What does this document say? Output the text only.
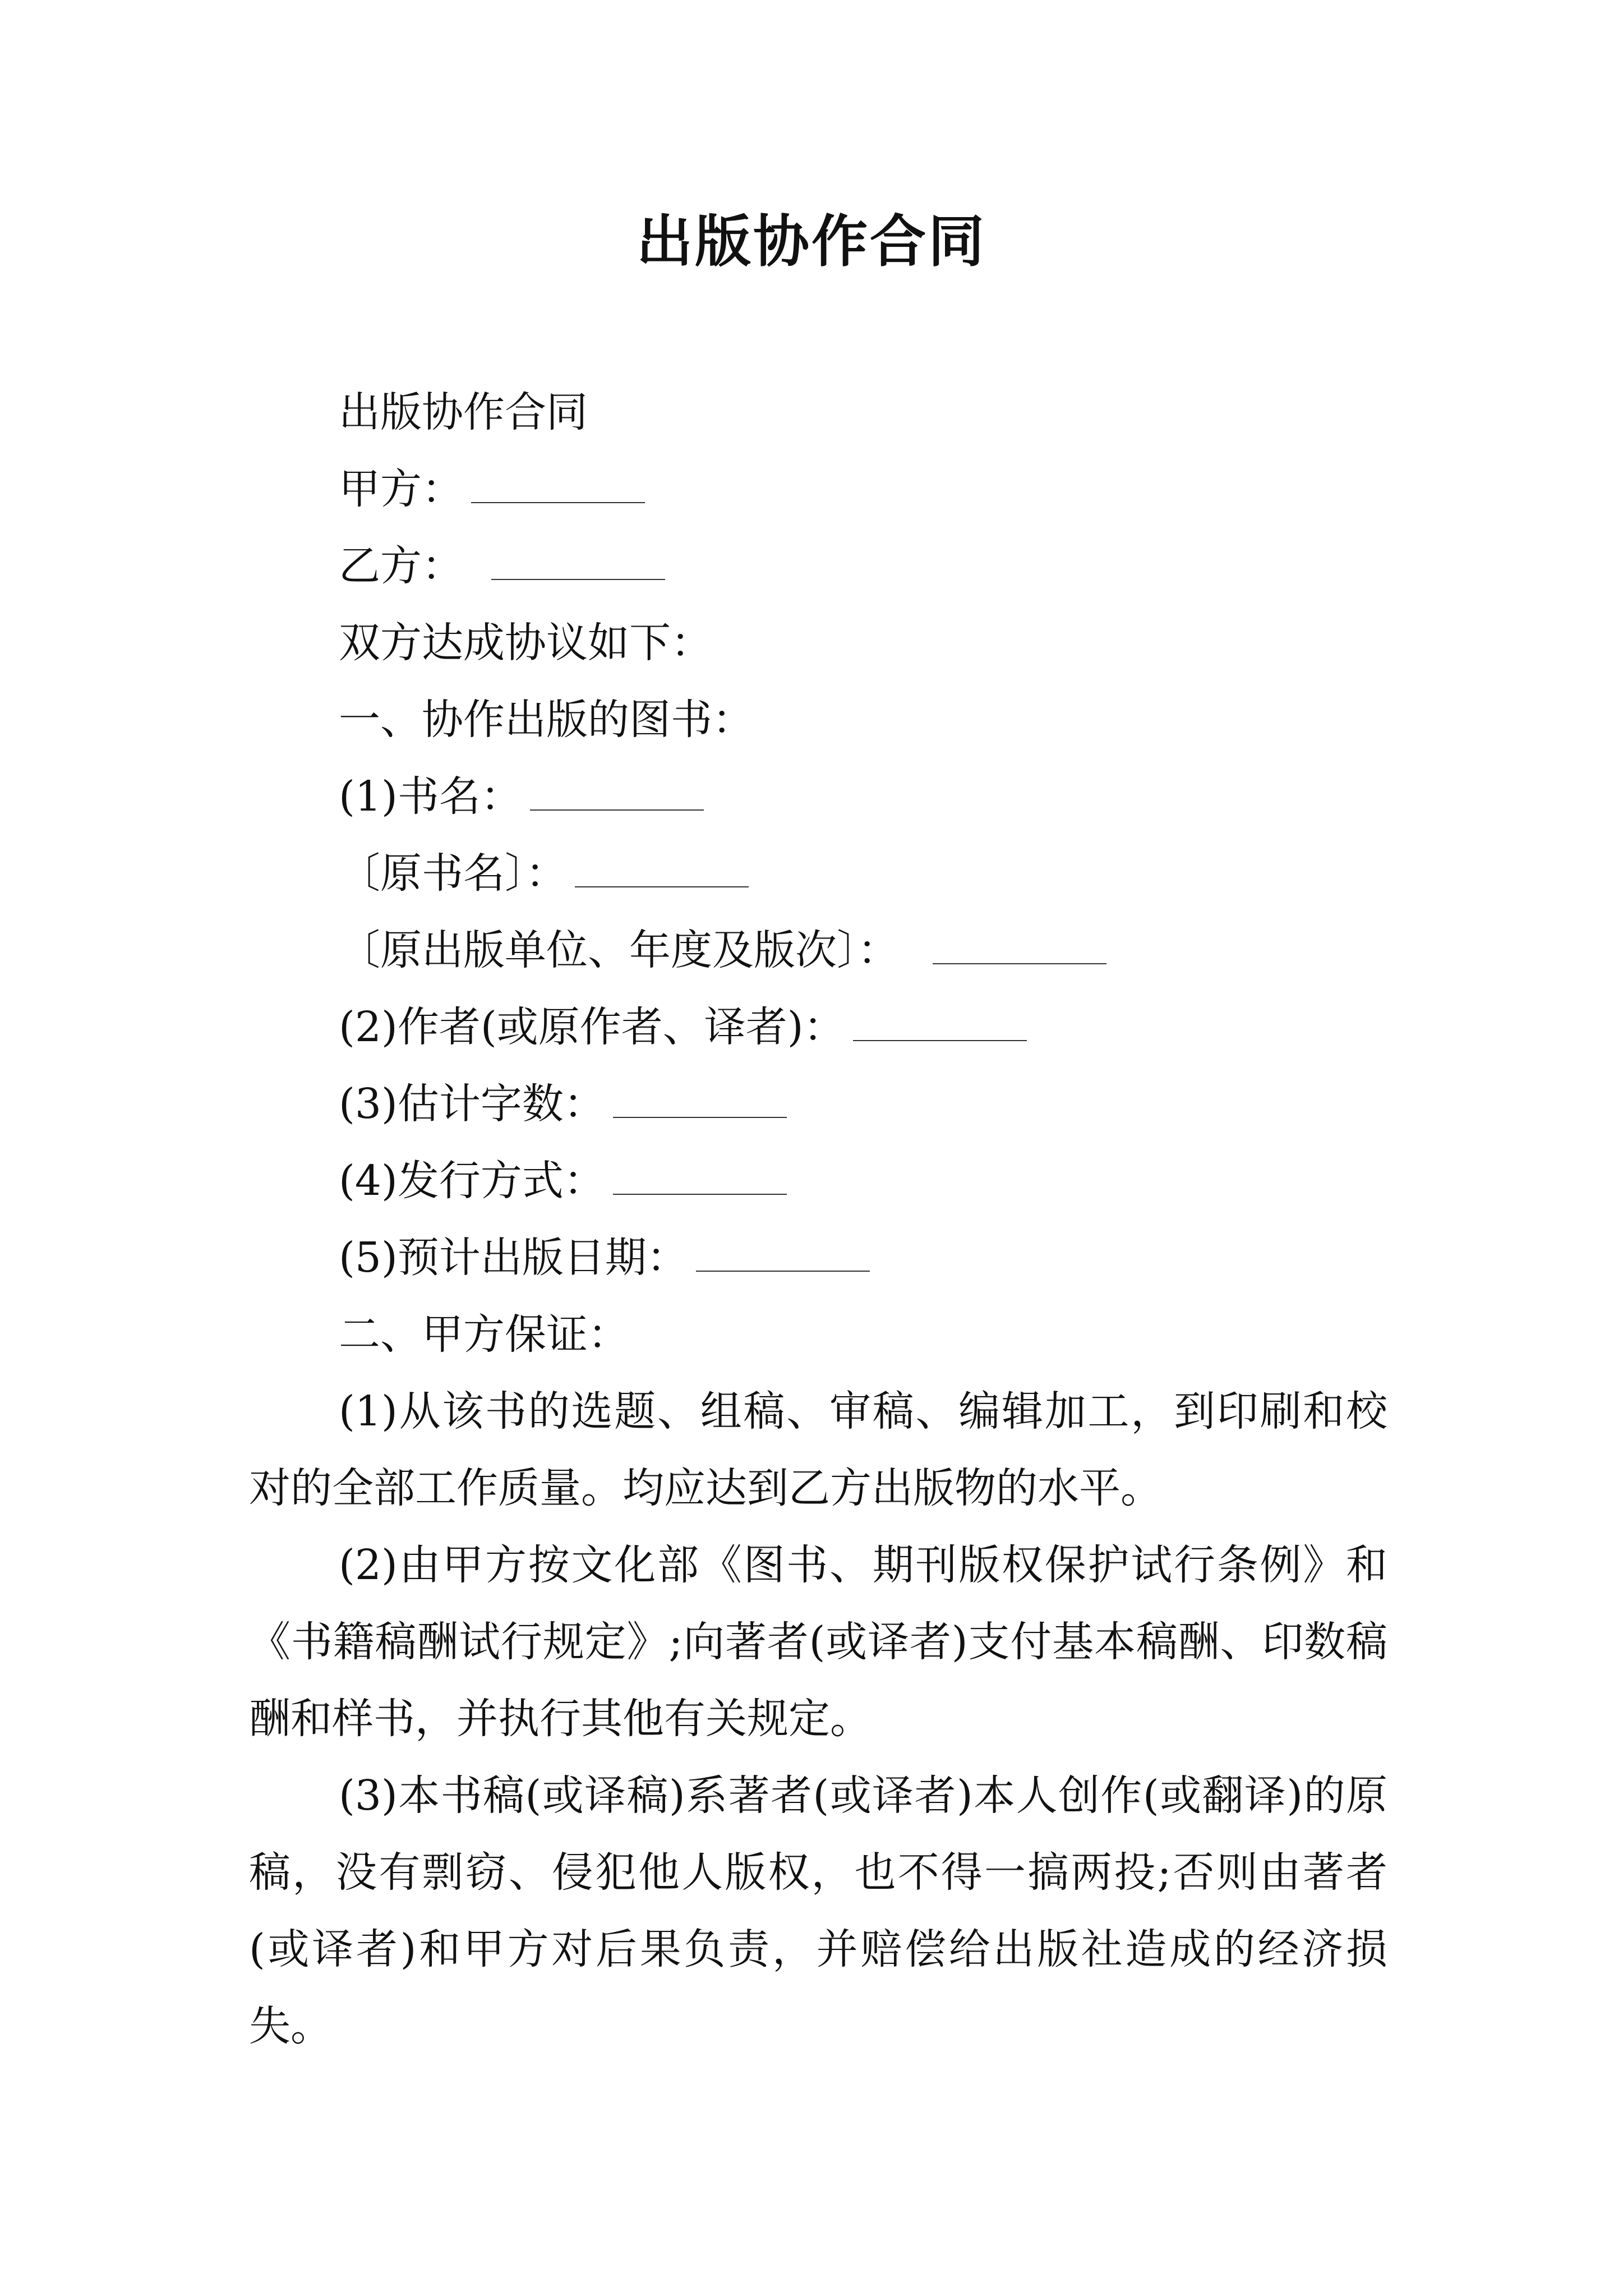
出版协作合同
出版协作合同
甲方：
乙方：
双方达成协议如下：
一、协作出版的图书：
(1)书名：
〔原书名〕：
〔原出版单位、年度及版次〕：
(2)作者(或原作者、译者)：
(3)估计字数：
(4)发行方式：
(5)预计出版日期：
二、甲方保证：
(1)从该书的选题、组稿、审稿、编辑加工，到印刷和校对的全部工作质量。均应达到乙方出版物的水平。
(2)由甲方按文化部《图书、期刊版权保护试行条例》和《书籍稿酬试行规定》;向著者(或译者)支付基本稿酬、印数稿酬和样书，并执行其他有关规定。
(3)本书稿(或译稿)系著者(或译者)本人创作(或翻译)的原稿，没有剽窃、侵犯他人版权，也不得一搞两投;否则由著者(或译者)和甲方对后果负责，并赔偿给出版社造成的经济损失。
